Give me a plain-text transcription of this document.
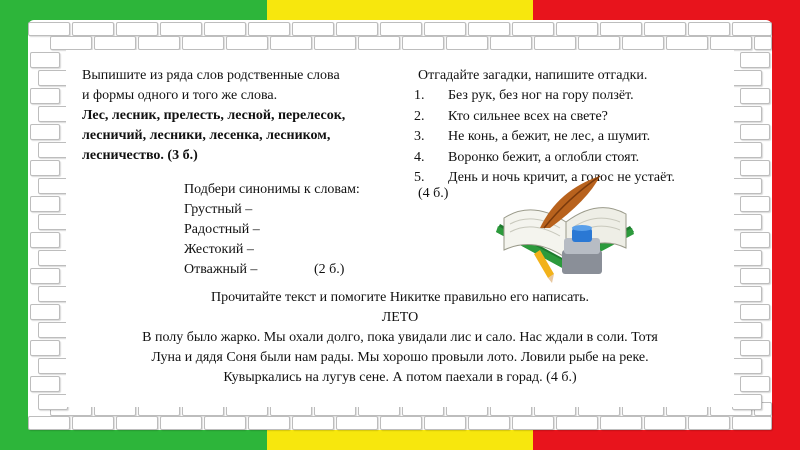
Выпишите из ряда слов родственные слова
и формы одного и того же слова.
Лес, лесник, прелесть, лесной, перелесок,
лесничий, лесники, лесенка, лесником,
лесничество. (3 б.)
Отгадайте загадки, напишите отгадки.
1. Без рук, без ног на гору ползёт.
2. Кто сильнее всех на свете?
3. Не конь, а бежит, не лес, а шумит.
4. Воронко бежит, а оглобли стоят.
5. День и ночь кричит, а голос не устаёт.
(4 б.)
Подбери синонимы к словам:
Грустный –
Радостный –
Жестокий –
Отважный –	(2 б.)
Прочитайте текст и помогите Никитке правильно его написать.
ЛЕТО
В полу было жарко. Мы охали долго, пока увидали лис и сало. Нас ждали в соли. Тотя
Луна и дядя Соня были нам рады. Мы хорошо провыли лото. Ловили рыбе на реке.
Кувыркались на лугув сене. А потом паехали в горад. (4 б.)
